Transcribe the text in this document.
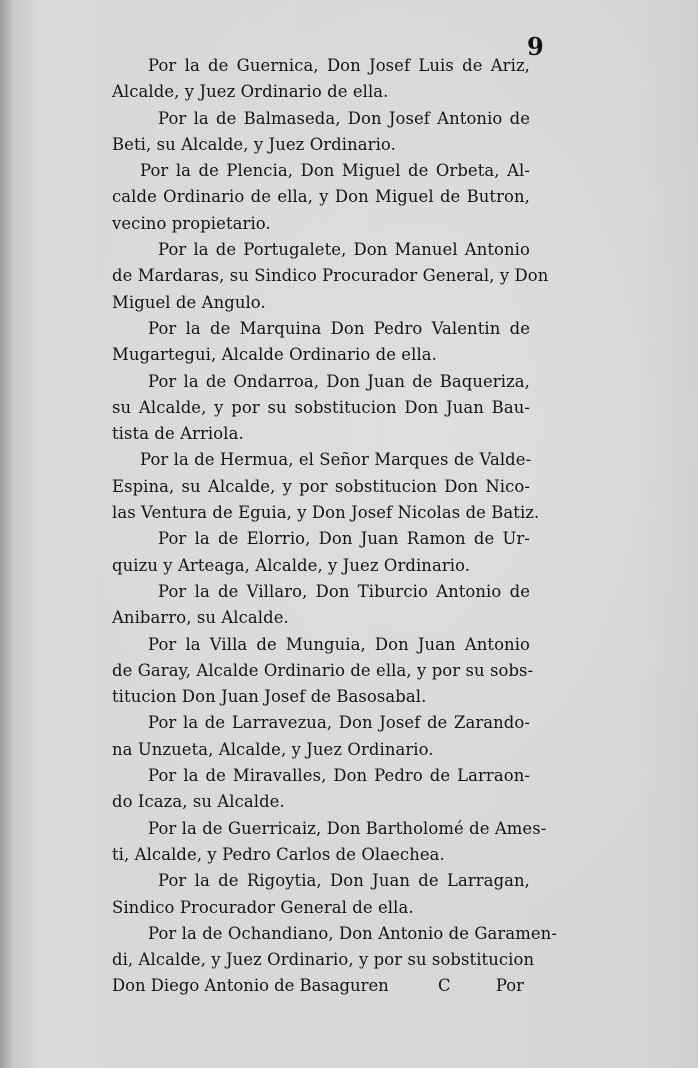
9
Por la de Guernica, Don Josef Luis de Ariz,
Alcalde, y Juez Ordinario de ella.
Por la de Balmaseda, Don Josef Antonio de
Beti, su Alcalde, y Juez Ordinario.
Por la de Plencia, Don Miguel de Orbeta, Al-
calde Ordinario de ella, y Don Miguel de Butron,
vecino propietario.
Por la de Portugalete, Don Manuel Antonio
de Mardaras, su Sindico Procurador General, y Don
Miguel de Angulo.
Por la de Marquina Don Pedro Valentin de
Mugartegui, Alcalde Ordinario de ella.
Por la de Ondarroa, Don Juan de Baqueriza,
su Alcalde, y por su sobstitucion Don Juan Bau-
tista de Arriola.
Por la de Hermua, el Señor Marques de Valde-
Espina, su Alcalde, y por sobstitucion Don Nico-
las Ventura de Eguia, y Don Josef Nicolas de Batiz.
Por la de Elorrio, Don Juan Ramon de Ur-
quizu y Arteaga, Alcalde, y Juez Ordinario.
Por la de Villaro, Don Tiburcio Antonio de
Anibarro, su Alcalde.
Por la Villa de Munguia, Don Juan Antonio
de Garay, Alcalde Ordinario de ella, y por su sobs-
titucion Don Juan Josef de Basosabal.
Por la de Larravezua, Don Josef de Zarando-
na Unzueta, Alcalde, y Juez Ordinario.
Por la de Miravalles, Don Pedro de Larraon-
do Icaza, su Alcalde.
Por la de Guerricaiz, Don Bartholomé de Ames-
ti, Alcalde, y Pedro Carlos de Olaechea.
Por la de Rigoytia, Don Juan de Larragan,
Sindico Procurador General de ella.
Por la de Ochandiano, Don Antonio de Garamen-
di, Alcalde, y Juez Ordinario, y por su sobstitucion
Don Diego Antonio de Basaguren	C	Por
